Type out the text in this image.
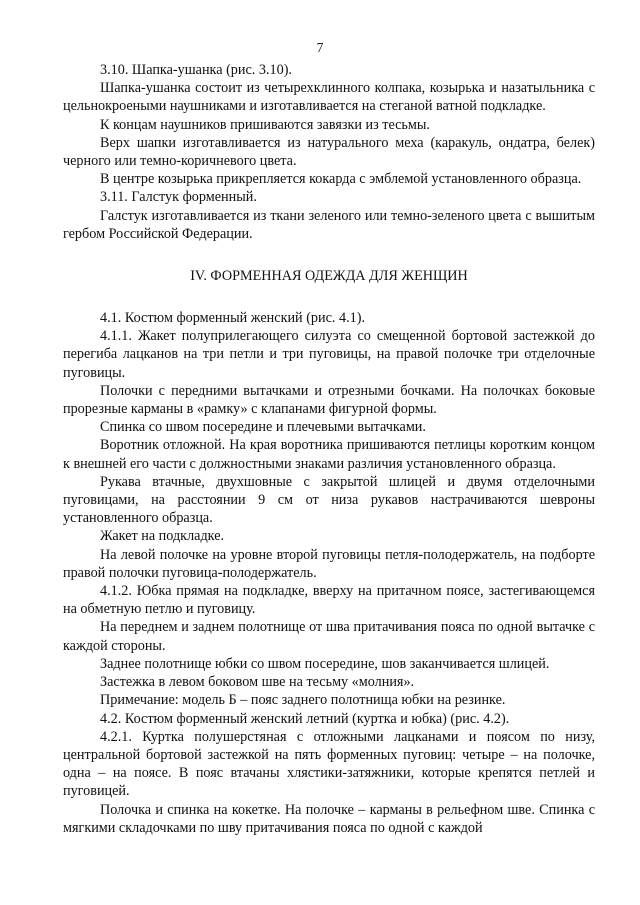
7

3.10. Шапка-ушанка (рис. 3.10).

Шапка-ушанка состоит из четырехклинного колпака, козырька и назатыльника с цельнокроеными наушниками и изготавливается на стеганой ватной подкладке.

К концам наушников пришиваются завязки из тесьмы.

Верх шапки изготавливается из натурального меха (каракуль, ондатра, белек) черного или темно-коричневого цвета.

В центре козырька прикрепляется кокарда с эмблемой установленного образца.

3.11. Галстук форменный.

Галстук изготавливается из ткани зеленого или темно-зеленого цвета с вышитым гербом Российской Федерации.

IV. ФОРМЕННАЯ ОДЕЖДА ДЛЯ ЖЕНЩИН

4.1. Костюм форменный женский (рис. 4.1).

4.1.1. Жакет полуприлегающего силуэта со смещенной бортовой застежкой до перегиба лацканов на три петли и три пуговицы, на правой полочке три отделочные пуговицы.

Полочки с передними вытачками и отрезными бочками. На полочках боковые прорезные карманы в «рамку» с клапанами фигурной формы.

Спинка со швом посередине и плечевыми вытачками.

Воротник отложной. На края воротника пришиваются петлицы коротким концом к внешней его части с должностными знаками различия установленного образца.

Рукава втачные, двухшовные с закрытой шлицей и двумя отделочными пуговицами, на расстоянии 9 см от низа рукавов настрачиваются шевроны установленного образца.

Жакет на подкладке.

На левой полочке на уровне второй пуговицы петля-полодержатель, на подборте правой полочки пуговица-полодержатель.

4.1.2. Юбка прямая на подкладке, вверху на притачном поясе, застегивающемся на обметную петлю и пуговицу.

На переднем и заднем полотнище от шва притачивания пояса по одной вытачке с каждой стороны.

Заднее полотнище юбки со швом посередине, шов заканчивается шлицей.

Застежка в левом боковом шве на тесьму «молния».

Примечание: модель Б – пояс заднего полотнища юбки на резинке.

4.2. Костюм форменный женский летний (куртка и юбка) (рис. 4.2).

4.2.1. Куртка полушерстяная с отложными лацканами и поясом по низу, центральной бортовой застежкой на пять форменных пуговиц: четыре – на полочке, одна – на поясе. В пояс втачаны хлястики-затяжники, которые крепятся петлей и пуговицей.

Полочка и спинка на кокетке. На полочке – карманы в рельефном шве. Спинка с мягкими складочками по шву притачивания пояса по одной с каждой
